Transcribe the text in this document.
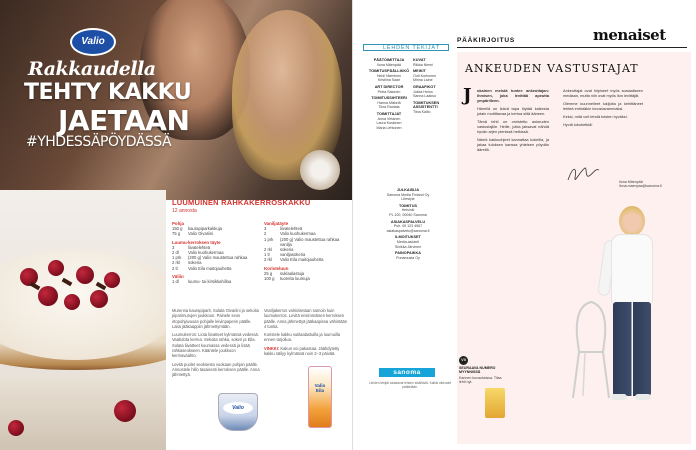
Valio
Rakkaudella
TEHTY KAKKU
JAETAAN
#YHDESSÄPÖYDÄSSÄ
LUUMUINEN RAHKAKERROSKAKKU
12 annosta
Pohja
150 g	kaurapiparkakkuja
75 g	Valio Oivariini
Luumu-kerroksen täyte
3	liivatelehteä
2 dl	Valio kuohukermaa
1 prk	(200 g) Valio maustettua rahkaa
2 rkl	sokeria
2 tl	Valio Eila maitojauhetta
Väliin
1 dl	luumu- tai kirsikkahilloa
Vaniljatäyte
3	liivatelehteä
2	Valio kuohukermaa
1 prk	(200 g) Valio maustettua rahkaa vanilja
2 rkl	sokeria
1 tl	vaniljasokeria
2 rkl	Valio Eila maitojauhetta
Koristeluun
25 g	suklaalastuja
100 g	tuoreita luumuja

Murenna kaurapiparit. Sulata Oivariini ja sekoita piparimurujen joukkoon. Painele seos irtopohjavuoan pohjalle leivinpaperin päälle. Laita jääkaappiin jähmettymään.

Luumukerros: Liota liivatteet kylmässä vedessä. Vaahdota kerma. Sekoita rahka, sokeri ja Eila. Sulata liivatteet kuumassa vedessä ja lisää rahkaseokseen. Kääntele joukkoon kermavaahto.

Levitä puolet seoksesta vuokaan pohjan päälle. Annostele hillo tasaisesti kerroksen päälle. Anna jähmettyä.

Vaniljakerros valmistetaan samoin kuin luumukerros. Levitä ensimmäisen kerroksen päälle. Anna jähmettyä jääkaapissa vähintään 4 tuntia.

Koristele kakku suklaalastuilla ja luumuilla ennen tarjoilua.

VINKKI: Kakun voi pakastaa. Jäähdytetty kakku säilyy kylmässä noin 2–3 päivää.

Valio
Valio Eila
LEHDEN TEKIJÄT
PÄÄTOIMITTAJA
Ilona Mäenpää
TOIMITUSPÄÄLLIKKÖ
Heidi Nieminen
Kristiina Saari
ART DIRECTOR
Petra Salonen
TOIMITUSSIHTEERI
Hanna Mäkelä
Tiina Rantala
TOIMITTAJAT
Anna Virtanen
Laura Koskinen
Maria Lehtonen
KUVAT
Riikka Niemi
MEIKIT
Outi Korhonen
Minna Laine
GRAAFIKOT
Jukka Heino
Sanna Laakso
TOIMITUKSEN ASSISTENTTI
Tiina Kallio
JULKAISIJA
Sanoma Media Finland Oy
Lifestyle
TOIMITUS
Helsinki
PL 100, 00040 Sanoma
ASIAKASPALVELU
Puh. 09 123 4567
asiakaspalvelu@sanoma.fi
ILMOITUKSET
Media-asiointi
Sinikka Järvinen
PAINOPAIKKA
Punamusta Oy
sanoma
Lehden tekijät vastaavat lehden sisällöstä. Kaikki oikeudet pidätetään.
PÄÄKIRJOITUS	menaiset
ANKEUDEN VASTUSTAJAT
J okainen meistä tuntee ankeuttajan: ihmisen, joka levittää apeutta ympärilleen.

Hänellä on ikävä tapa löytää kaikesta jotain moitittavaa ja kertoa siitä ääneen.

Tämä lehti on omistettu ankeuden vastustajille. Heille, jotka jaksavat nähdä hyvän arjen pienissä hetkissä.

Nämä kakkuohjeet kannattaa kokeilla, ja jakaa tuloksen kanssa yhteisen pöydän äärellä.

Ankeuttajat ovat hiipineet myös sosiaaliseen mediaan, mutta niin ovat myös ilon levittäjät.

Olemme kuunnelleet lukijoita ja kehittäneet lehteä entistäkin innostavammaksi.

Keksi, mitä voit tehdä toisten hyväksi.

Hyviä lukuhetkiä!

Ilona Mäenpää
ilona.maenpaa@sanoma.fi
VII
SEURAAVA NUMERO MYYNNISSÄ
Kannen kuvauksissa. Tilaa lehti nyt.
